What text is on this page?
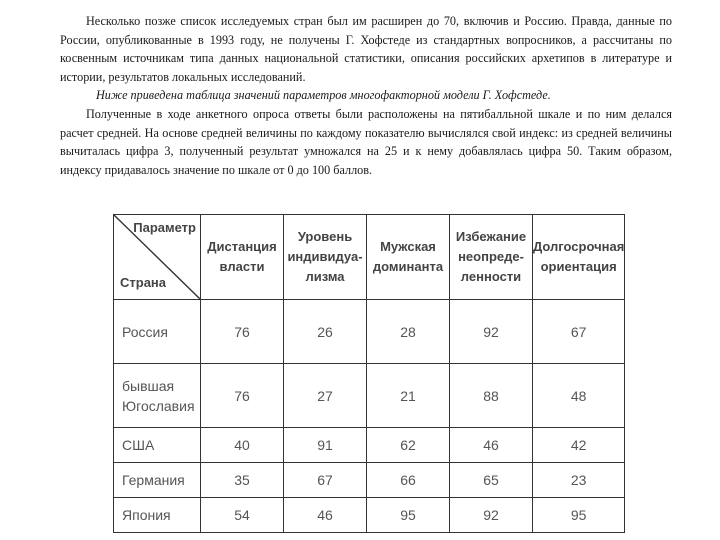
Несколько позже список исследуемых стран был им расширен до 70, включив и Россию. Правда, данные по России, опубликованные в 1993 году, не получены Г. Хофстеде из стандартных вопросников, а рассчитаны по косвенным источникам типа данных национальной статистики, описания российских архетипов в литературе и истории, результатов локальных исследований.

Ниже приведена таблица значений параметров многофакторной модели Г. Хофстеде.

Полученные в ходе анкетного опроса ответы были расположены на пятибалльной шкале и по ним делался расчет средней. На основе средней величины по каждому показателю вычислялся свой индекс: из средней величины вычиталась цифра 3, полученный результат умножался на 25 и к нему добавлялась цифра 50. Таким образом, индексу придавалось значение по шкале от 0 до 100 баллов.

Параметр
Страна	Дистанция власти	Уровень индивидуа-лизма	Мужская доминанта	Избежание неопреде-ленности	Долгосрочная ориентация
Россия	76	26	28	92	67
бывшая Югославия	76	27	21	88	48
США	40	91	62	46	42
Германия	35	67	66	65	23
Япония	54	46	95	92	95
